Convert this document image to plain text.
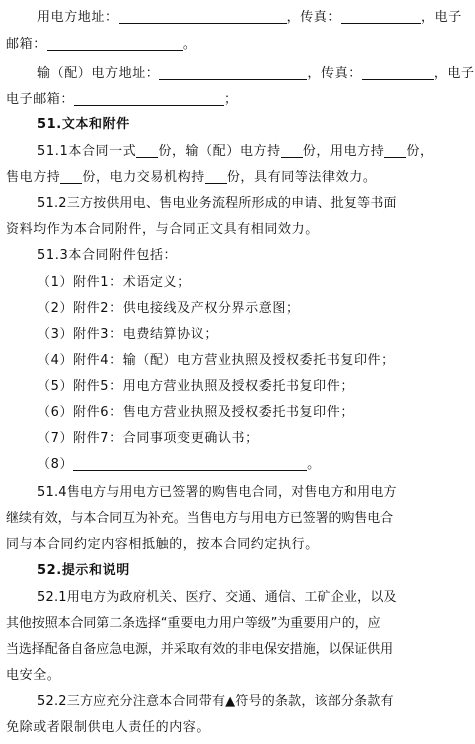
用电方地址：	，传真：	，电子
邮箱：	。
输（配）电方地址：	，传真：	，电子
电子邮箱：	；
51.文本和附件
51.1本合同一式 份，输（配）电方持 份，用电方持 份，
售电方持 份，电力交易机构持 份，具有同等法律效力。
51.2三方按供用电、售电业务流程所形成的申请、批复等书面
资料均作为本合同附件，与合同正文具有相同效力。
51.3本合同附件包括：
（1）附件1：术语定义；
（2）附件2：供电接线及产权分界示意图；
（3）附件3：电费结算协议；
（4）附件4：输（配）电方营业执照及授权委托书复印件；
（5）附件5：用电方营业执照及授权委托书复印件；
（6）附件6：售电方营业执照及授权委托书复印件；
（7）附件7：合同事项变更确认书；
（8）	。
51.4售电方与用电方已签署的购售电合同，对售电方和用电方
继续有效，与本合同互为补充。当售电方与用电方已签署的购售电合
同与本合同约定内容相抵触的，按本合同约定执行。
52.提示和说明
52.1用电方为政府机关、医疗、交通、通信、工矿企业，以及
其他按照本合同第二条选择“重要电力用户等级”为重要用户的，应
当选择配备自备应急电源，并采取有效的非电保安措施，以保证供用
电安全。
52.2三方应充分注意本合同带有▲符号的条款，该部分条款有
免除或者限制供电人责任的内容。
